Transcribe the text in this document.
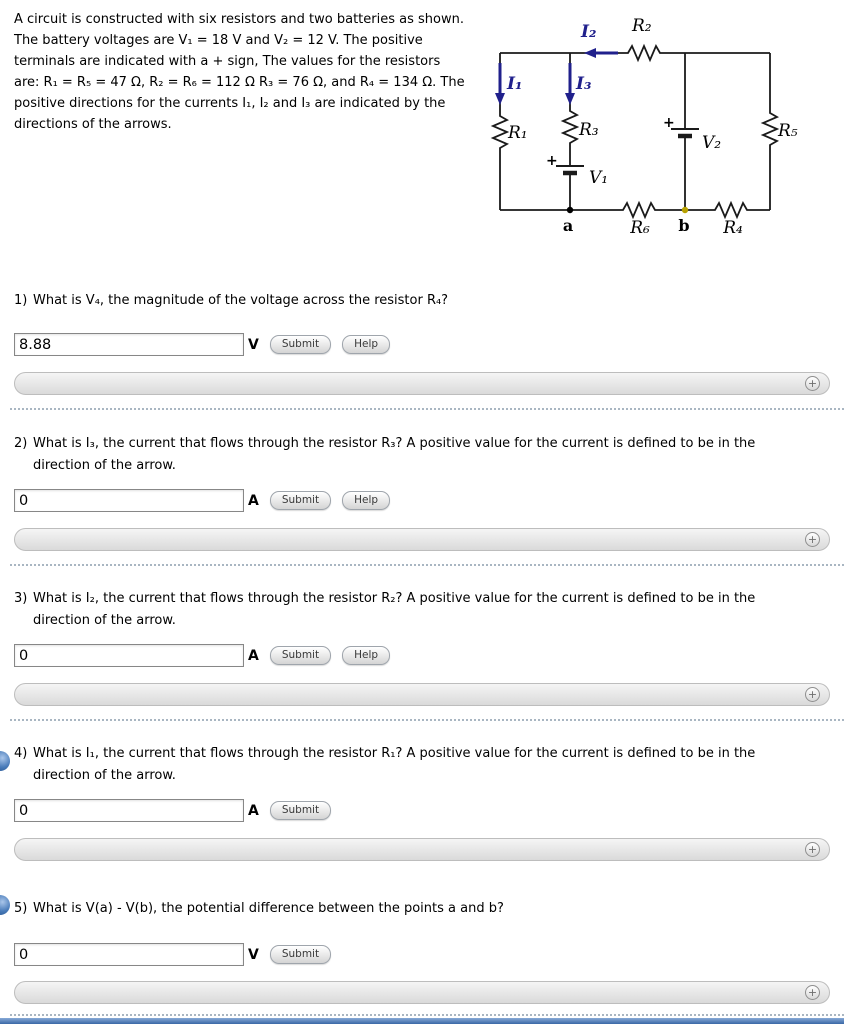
A circuit is constructed with six resistors and two batteries as shown.
The battery voltages are V₁ = 18 V and V₂ = 12 V. The positive
terminals are indicated with a + sign, The values for the resistors
are: R₁ = R₅ = 47 Ω, R₂ = R₆ = 112 Ω R₃ = 76 Ω, and R₄ = 134 Ω. The
positive directions for the currents I₁, I₂ and I₃ are indicated by the
directions of the arrows.
I₁	I₃
I₂ R₂
R₁	R₃	R₅
V₁
V₂
+
+
a	b
R₆	R₄
1) What is V₄, the magnitude of the voltage across the resistor R₄?
8.88
V	Submit	Help
+
2) What is I₃, the current that flows through the resistor R₃? A positive value for the current is defined to be in the
direction of the arrow.
0
A	Submit	Help
+
3) What is I₂, the current that flows through the resistor R₂? A positive value for the current is defined to be in the
direction of the arrow.
0
A	Submit	Help
+
4) What is I₁, the current that flows through the resistor R₁? A positive value for the current is defined to be in the
direction of the arrow.
0
A	Submit
+
5) What is V(a) - V(b), the potential difference between the points a and b?
0
V	Submit
+
